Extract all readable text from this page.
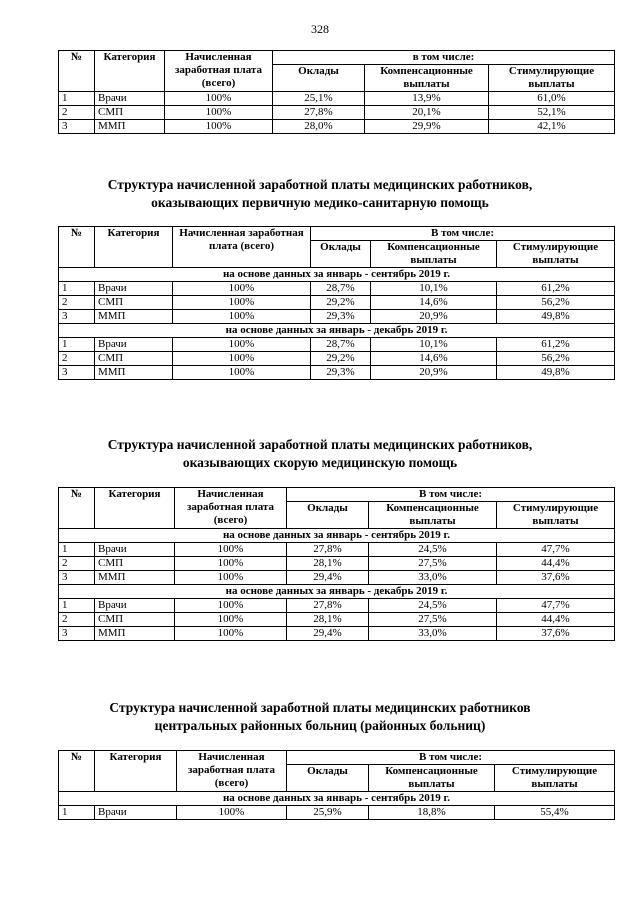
328
№	Категория	Начисленная заработная плата (всего)	в том числе:		
			Оклады	Компенсационные выплаты	Стимулирующие выплаты
1	Врачи	100%	25,1%	13,9%	61,0%
2	СМП	100%	27,8%	20,1%	52,1%
3	ММП	100%	28,0%	29,9%	42,1%
Структура начисленной заработной платы медицинских работников,
оказывающих первичную медико-санитарную помощь
№	Категория	Начисленная заработная плата (всего)	В том числе:		
			Оклады	Компенсационные выплаты	Стимулирующие выплаты
на основе данных за январь - сентябрь 2019 г.					
1	Врачи	100%	28,7%	10,1%	61,2%
2	СМП	100%	29,2%	14,6%	56,2%
3	ММП	100%	29,3%	20,9%	49,8%
на основе данных за январь - декабрь 2019 г.					
1	Врачи	100%	28,7%	10,1%	61,2%
2	СМП	100%	29,2%	14,6%	56,2%
3	ММП	100%	29,3%	20,9%	49,8%
Структура начисленной заработной платы медицинских работников,
оказывающих скорую медицинскую помощь
№	Категория	Начисленная заработная плата (всего)	В том числе:		
			Оклады	Компенсационные выплаты	Стимулирующие выплаты
на основе данных за январь - сентябрь 2019 г.					
1	Врачи	100%	27,8%	24,5%	47,7%
2	СМП	100%	28,1%	27,5%	44,4%
3	ММП	100%	29,4%	33,0%	37,6%
на основе данных за январь - декабрь 2019 г.					
1	Врачи	100%	27,8%	24,5%	47,7%
2	СМП	100%	28,1%	27,5%	44,4%
3	ММП	100%	29,4%	33,0%	37,6%
Структура начисленной заработной платы медицинских работников
центральных районных больниц (районных больниц)
№	Категория	Начисленная заработная плата (всего)	В том числе:		
			Оклады	Компенсационные выплаты	Стимулирующие выплаты
на основе данных за январь - сентябрь 2019 г.					
1	Врачи	100%	25,9%	18,8%	55,4%
